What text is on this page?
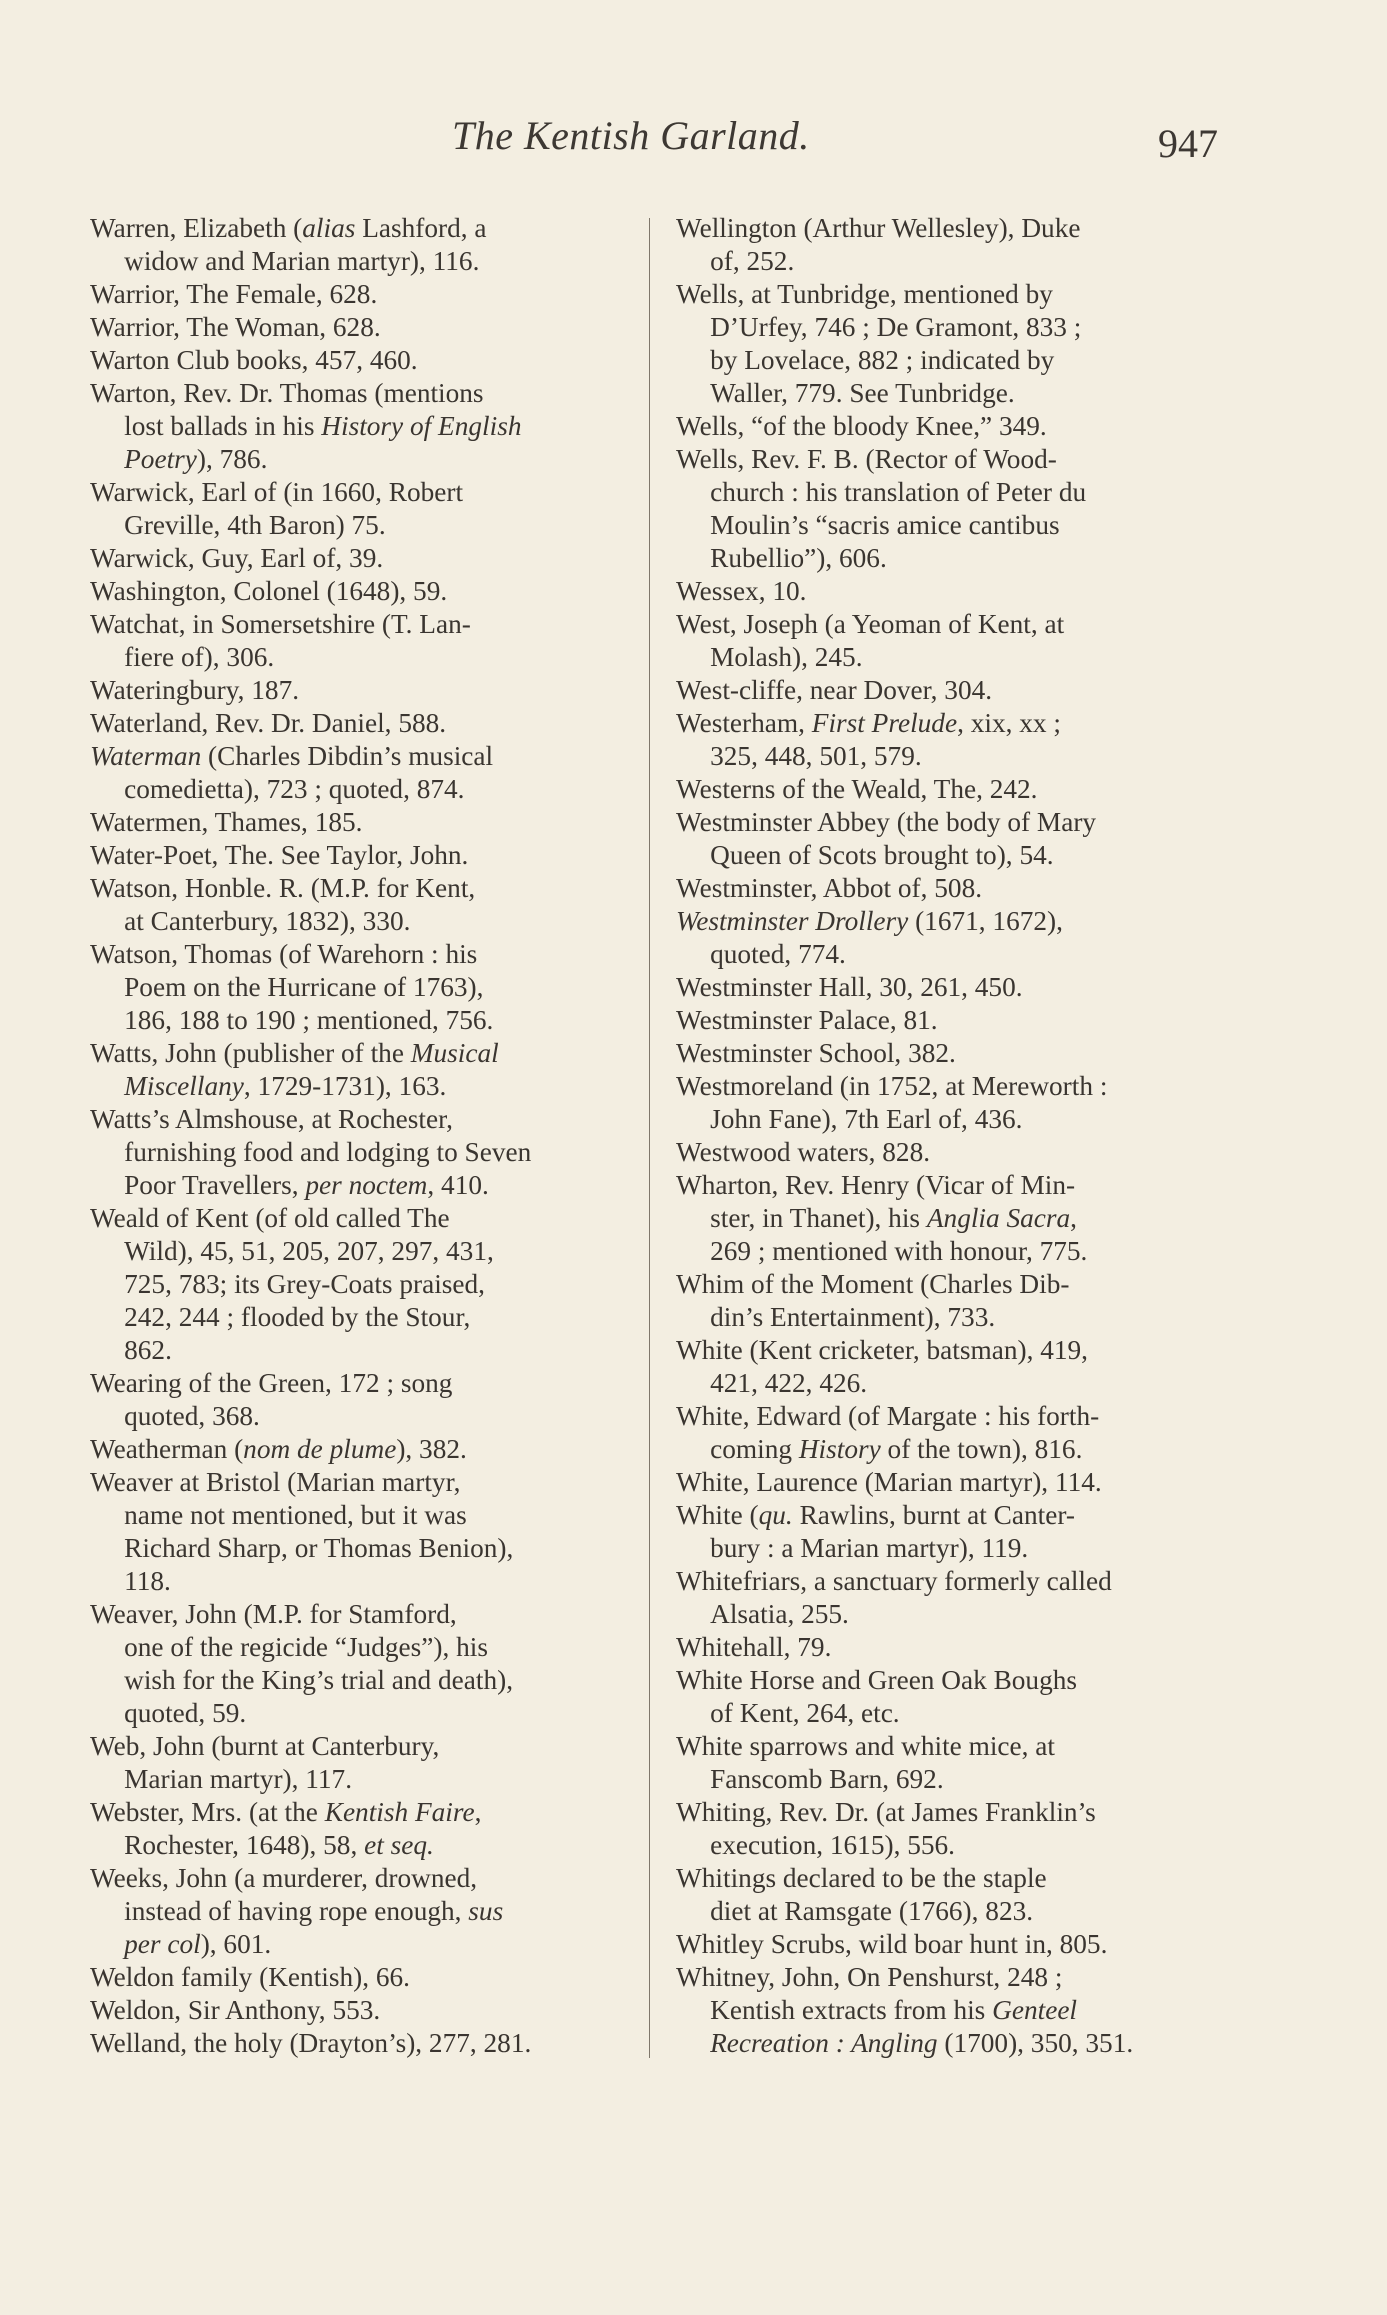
The Kentish Garland.	947

Warren, Elizabeth (alias Lashford, a
widow and Marian martyr), 116.

Warrior, The Female, 628.

Warrior, The Woman, 628.

Warton Club books, 457, 460.

Warton, Rev. Dr. Thomas (mentions
lost ballads in his History of English
Poetry), 786.

Warwick, Earl of (in 1660, Robert
Greville, 4th Baron) 75.

Warwick, Guy, Earl of, 39.

Washington, Colonel (1648), 59.

Watchat, in Somersetshire (T. Lan-
fiere of), 306.

Wateringbury, 187.

Waterland, Rev. Dr. Daniel, 588.

Waterman (Charles Dibdin’s musical
comedietta), 723 ; quoted, 874.

Watermen, Thames, 185.

Water-Poet, The. See Taylor, John.

Watson, Honble. R. (M.P. for Kent,
at Canterbury, 1832), 330.

Watson, Thomas (of Warehorn : his
Poem on the Hurricane of 1763),
186, 188 to 190 ; mentioned, 756.

Watts, John (publisher of the Musical
Miscellany, 1729-1731), 163.

Watts’s Almshouse, at Rochester,
furnishing food and lodging to Seven
Poor Travellers, per noctem, 410.

Weald of Kent (of old called The
Wild), 45, 51, 205, 207, 297, 431,
725, 783; its Grey-Coats praised,
242, 244 ; flooded by the Stour,
862.

Wearing of the Green, 172 ; song
quoted, 368.

Weatherman (nom de plume), 382.

Weaver at Bristol (Marian martyr,
name not mentioned, but it was
Richard Sharp, or Thomas Benion),
118.

Weaver, John (M.P. for Stamford,
one of the regicide “Judges”), his
wish for the King’s trial and death),
quoted, 59.

Web, John (burnt at Canterbury,
Marian martyr), 117.

Webster, Mrs. (at the Kentish Faire,
Rochester, 1648), 58, et seq.

Weeks, John (a murderer, drowned,
instead of having rope enough, sus
per col), 601.

Weldon family (Kentish), 66.

Weldon, Sir Anthony, 553.

Welland, the holy (Drayton’s), 277, 281.

Wellington (Arthur Wellesley), Duke
of, 252.

Wells, at Tunbridge, mentioned by
D’Urfey, 746 ; De Gramont, 833 ;
by Lovelace, 882 ; indicated by
Waller, 779. See Tunbridge.

Wells, “of the bloody Knee,” 349.

Wells, Rev. F. B. (Rector of Wood-
church : his translation of Peter du
Moulin’s “sacris amice cantibus
Rubellio”), 606.

Wessex, 10.

West, Joseph (a Yeoman of Kent, at
Molash), 245.

West-cliffe, near Dover, 304.

Westerham, First Prelude, xix, xx ;
325, 448, 501, 579.

Westerns of the Weald, The, 242.

Westminster Abbey (the body of Mary
Queen of Scots brought to), 54.

Westminster, Abbot of, 508.

Westminster Drollery (1671, 1672),
quoted, 774.

Westminster Hall, 30, 261, 450.

Westminster Palace, 81.

Westminster School, 382.

Westmoreland (in 1752, at Mereworth :
John Fane), 7th Earl of, 436.

Westwood waters, 828.

Wharton, Rev. Henry (Vicar of Min-
ster, in Thanet), his Anglia Sacra,
269 ; mentioned with honour, 775.

Whim of the Moment (Charles Dib-
din’s Entertainment), 733.

White (Kent cricketer, batsman), 419,
421, 422, 426.

White, Edward (of Margate : his forth-
coming History of the town), 816.

White, Laurence (Marian martyr), 114.

White (qu. Rawlins, burnt at Canter-
bury : a Marian martyr), 119.

Whitefriars, a sanctuary formerly called
Alsatia, 255.

Whitehall, 79.

White Horse and Green Oak Boughs
of Kent, 264, etc.

White sparrows and white mice, at
Fanscomb Barn, 692.

Whiting, Rev. Dr. (at James Franklin’s
execution, 1615), 556.

Whitings declared to be the staple
diet at Ramsgate (1766), 823.

Whitley Scrubs, wild boar hunt in, 805.

Whitney, John, On Penshurst, 248 ;
Kentish extracts from his Genteel
Recreation : Angling (1700), 350, 351.
